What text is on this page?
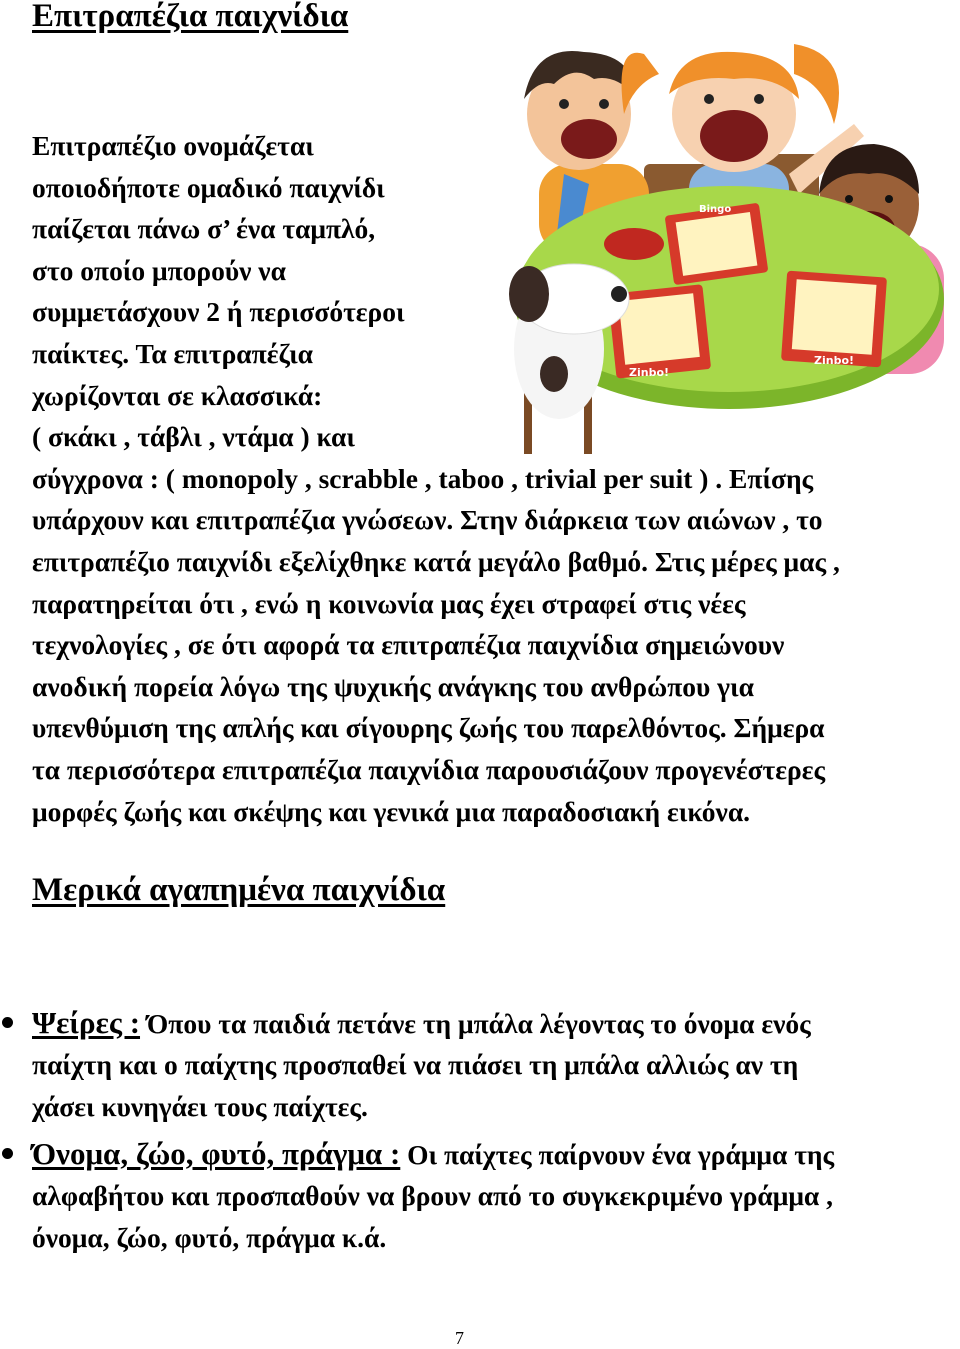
Επιτραπέζια παιχνίδια
Bingo
Zinbo!
Zinbo!
Επιτραπέζιο ονομάζεται
οποιοδήποτε ομαδικό παιχνίδι
παίζεται πάνω σ’ ένα ταμπλό,
στο οποίο μπορούν να
συμμετάσχουν 2 ή περισσότεροι
παίκτες. Τα επιτραπέζια
χωρίζονται σε κλασσικά:
( σκάκι , τάβλι , ντάμα ) και
σύγχρονα : ( monopoly , scrabble , taboo , trivial per suit ) . Επίσης
υπάρχουν και επιτραπέζια γνώσεων. Στην διάρκεια των αιώνων , το
επιτραπέζιο παιχνίδι εξελίχθηκε κατά μεγάλο βαθμό. Στις μέρες μας ,
παρατηρείται ότι , ενώ η κοινωνία μας έχει στραφεί στις νέες
τεχνολογίες , σε ότι αφορά τα επιτραπέζια παιχνίδια σημειώνουν
ανοδική πορεία λόγω της ψυχικής ανάγκης του ανθρώπου για
υπενθύμιση της απλής και σίγουρης ζωής του παρελθόντος. Σήμερα
τα περισσότερα επιτραπέζια παιχνίδια παρουσιάζουν προγενέστερες
μορφές ζωής και σκέψης και γενικά μια παραδοσιακή εικόνα.
Μερικά αγαπημένα παιχνίδια
Ψείρες : Όπου τα παιδιά πετάνε τη μπάλα λέγοντας το όνομα ενός
παίχτη και ο παίχτης προσπαθεί να πιάσει τη μπάλα αλλιώς αν τη
χάσει κυνηγάει τους παίχτες.
Όνομα, ζώο, φυτό, πράγμα : Οι παίχτες παίρνουν ένα γράμμα της
αλφαβήτου και προσπαθούν να βρουν από το συγκεκριμένο γράμμα ,
όνομα, ζώο, φυτό, πράγμα κ.ά.
7
